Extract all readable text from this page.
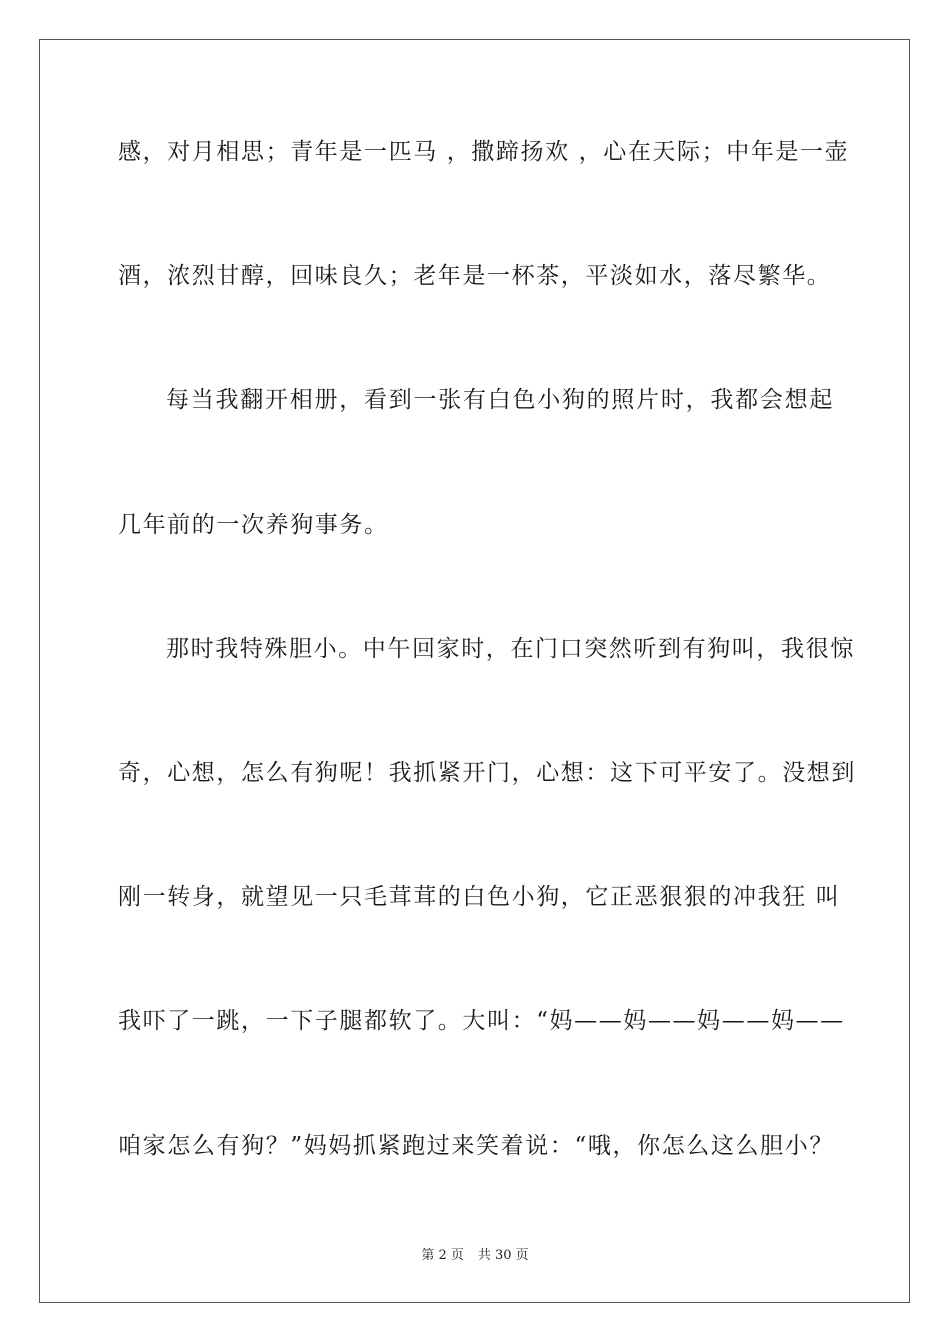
感，对月相思；青年是一匹马 ，撒蹄扬欢 ，心在天际；中年是一壶
酒，浓烈甘醇，回味良久；老年是一杯茶，平淡如水，落尽繁华。
每当我翻开相册，看到一张有白色小狗的照片时，我都会想起
几年前的一次养狗事务。
那时我特殊胆小。中午回家时，在门口突然听到有狗叫，我很惊
奇，心想，怎么有狗呢！我抓紧开门，心想：这下可平安了。没想到
刚一转身，就望见一只毛茸茸的白色小狗，它正恶狠狠的冲我狂 叫
我吓了一跳，一下子腿都软了。大叫：“妈——妈——妈——妈——
咱家怎么有狗？”妈妈抓紧跑过来笑着说：“哦，你怎么这么胆小？
第 2 页 共 30 页
